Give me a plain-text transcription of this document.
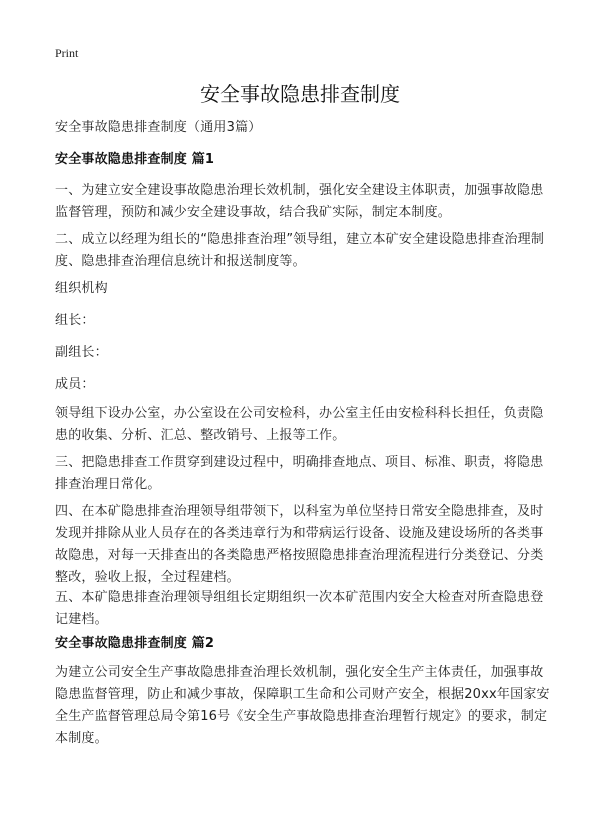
Print
安全事故隐患排查制度

安全事故隐患排查制度（通用3篇）

安全事故隐患排查制度 篇1

一、为建立安全建设事故隐患治理长效机制，强化安全建设主体职责，加强事故隐患监督管理，预防和减少安全建设事故，结合我矿实际，制定本制度。

二、成立以经理为组长的“隐患排查治理”领导组，建立本矿安全建设隐患排查治理制度、隐患排查治理信息统计和报送制度等。

组织机构

组长：

副组长：

成员：

领导组下设办公室，办公室设在公司安检科，办公室主任由安检科科长担任，负责隐患的收集、分析、汇总、整改销号、上报等工作。

三、把隐患排查工作贯穿到建设过程中，明确排查地点、项目、标准、职责，将隐患排查治理日常化。

四、在本矿隐患排查治理领导组带领下，以科室为单位坚持日常安全隐患排查，及时发现并排除从业人员存在的各类违章行为和带病运行设备、设施及建设场所的各类事故隐患，对每一天排查出的各类隐患严格按照隐患排查治理流程进行分类登记、分类整改，验收上报，全过程建档。

五、本矿隐患排查治理领导组组长定期组织一次本矿范围内安全大检查对所查隐患登记建档。

安全事故隐患排查制度 篇2

为建立公司安全生产事故隐患排查治理长效机制，强化安全生产主体责任，加强事故隐患监督管理，防止和减少事故，保障职工生命和公司财产安全，根据20xx年国家安全生产监督管理总局令第16号《安全生产事故隐患排查治理暂行规定》的要求，制定本制度。
